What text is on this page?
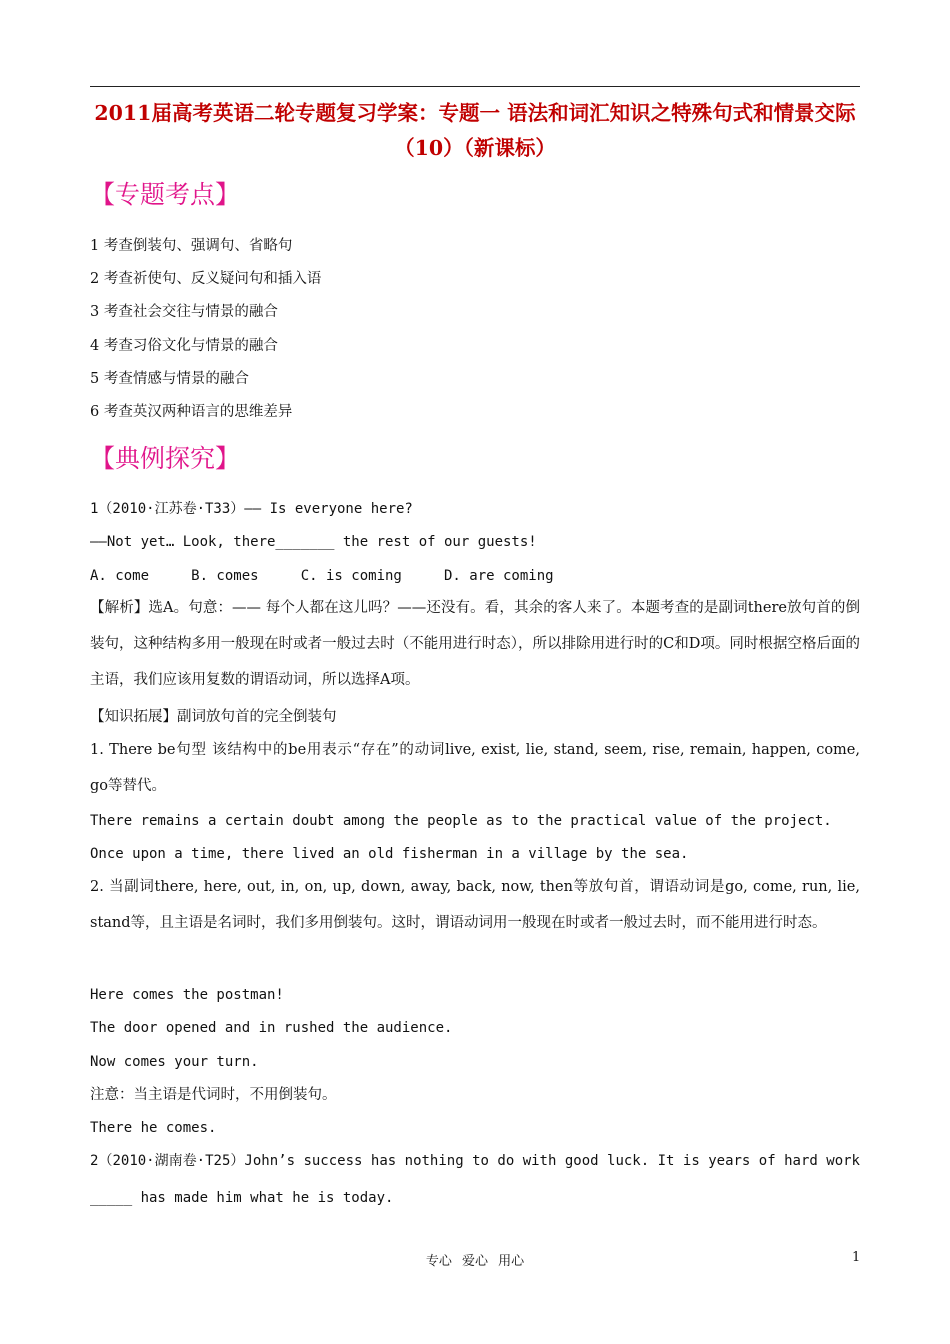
2011届高考英语二轮专题复习学案：专题一 语法和词汇知识之特殊句式和情景交际（10）（新课标）
【专题考点】
1 考查倒装句、强调句、省略句
2 考查祈使句、反义疑问句和插入语
3 考查社会交往与情景的融合
4 考查习俗文化与情景的融合
5 考查情感与情景的融合
6 考查英汉两种语言的思维差异
【典例探究】
1（2010·江苏卷·T33）—— Is everyone here?
——Not yet… Look, there_______ the rest of our guests!
A. come     B. comes     C. is coming     D. are coming
【解析】选A。句意：—— 每个人都在这儿吗？——还没有。看，其余的客人来了。本题考查的是副词there放句首的倒装句，这种结构多用一般现在时或者一般过去时（不能用进行时态），所以排除用进行时的C和D项。同时根据空格后面的主语，我们应该用复数的谓语动词，所以选择A项。
【知识拓展】副词放句首的完全倒装句
1. There be句型 该结构中的be用表示“存在”的动词live, exist, lie, stand, seem, rise, remain, happen, come, go等替代。
There remains a certain doubt among the people as to the practical value of the project.
Once upon a time, there lived an old fisherman in a village by the sea.
2. 当副词there, here, out, in, on, up, down, away, back, now, then等放句首，谓语动词是go, come, run, lie, stand等，且主语是名词时，我们多用倒装句。这时，谓语动词用一般现在时或者一般过去时，而不能用进行时态。
Here comes the postman!
The door opened and in rushed the audience.
Now comes your turn.
注意：当主语是代词时，不用倒装句。
There he comes.
2（2010·湖南卷·T25）John’s success has nothing to do with good luck. It is years of hard work _____ has made him what he is today.
专心 爱心 用心	1
